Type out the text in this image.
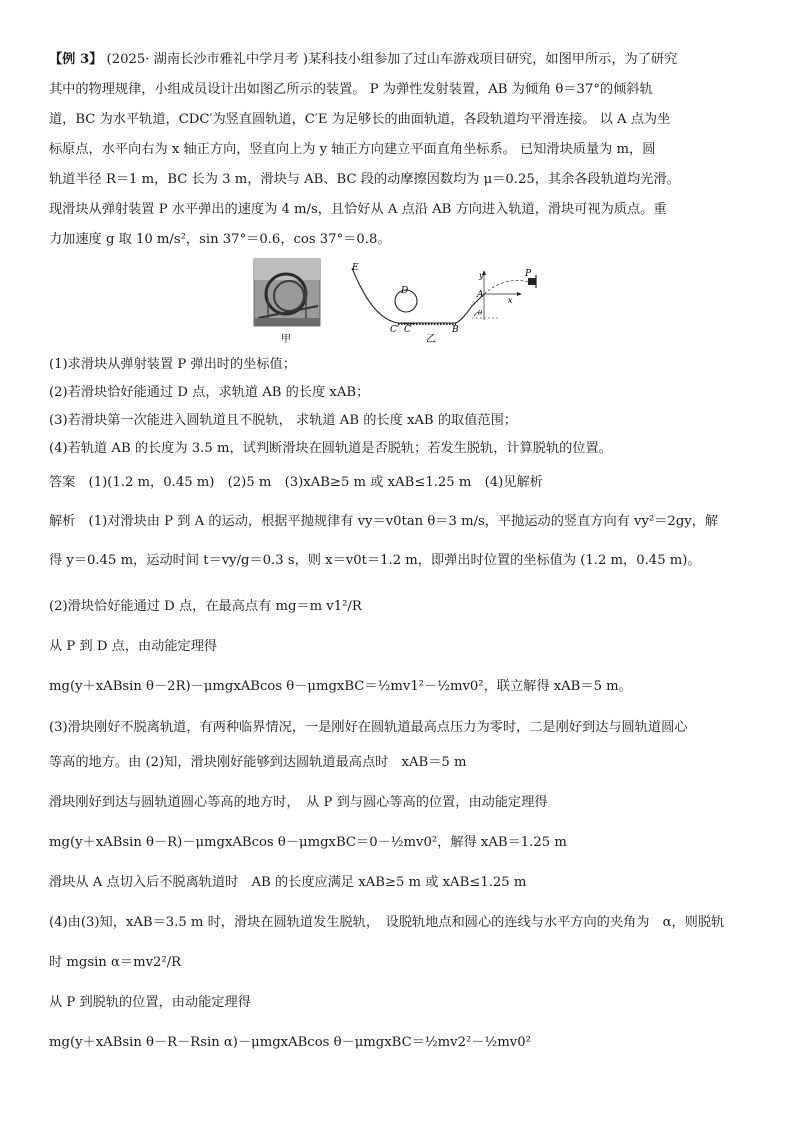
【例 3】 (2025· 湖南长沙市雅礼中学月考 )某科技小组参加了过山车游戏项目研究，如图甲所示，为了研究
其中的物理规律，小组成员设计出如图乙所示的装置。 P 为弹性发射装置，AB 为倾角 θ＝37°的倾斜轨
道，BC 为水平轨道，CDC′为竖直圆轨道，C′E 为足够长的曲面轨道，各段轨道均平滑连接。 以 A 点为坐
标原点，水平向右为 x 轴正方向，竖直向上为 y 轴正方向建立平面直角坐标系。 已知滑块质量为 m，圆
轨道半径 R＝1 m，BC 长为 3 m，滑块与 AB、BC 段的动摩擦因数均为 μ＝0.25，其余各段轨道均光滑。
现滑块从弹射装置 P 水平弹出的速度为 4 m/s，且恰好从 A 点沿 AB 方向进入轨道，滑块可视为质点。重
力加速度 g 取 10 m/s²，sin 37°＝0.6，cos 37°＝0.8。
E
D
C′ C	B
A
P
y
x
θ
甲	乙
(1)求滑块从弹射装置 P 弹出时的坐标值；
(2)若滑块恰好能通过 D 点，求轨道 AB 的长度 xAB；
(3)若滑块第一次能进入圆轨道且不脱轨， 求轨道 AB 的长度 xAB 的取值范围；
(4)若轨道 AB 的长度为 3.5 m，试判断滑块在圆轨道是否脱轨；若发生脱轨，计算脱轨的位置。
答案　(1)(1.2 m，0.45 m)　(2)5 m　(3)xAB≥5 m 或 xAB≤1.25 m　(4)见解析
解析　(1)对滑块由 P 到 A 的运动，根据平抛规律有 vy＝v0tan θ＝3 m/s，平抛运动的竖直方向有 vy²＝2gy，解
得 y＝0.45 m，运动时间 t＝vy/g＝0.3 s，则 x＝v0t＝1.2 m，即弹出时位置的坐标值为 (1.2 m，0.45 m)。
(2)滑块恰好能通过 D 点，在最高点有 mg＝m v1²/R
从 P 到 D 点，由动能定理得
mg(y＋xABsin θ－2R)－μmgxABcos θ－μmgxBC＝½mv1²－½mv0²，联立解得 xAB＝5 m。
(3)滑块刚好不脱离轨道，有两种临界情况，一是刚好在圆轨道最高点压力为零时，二是刚好到达与圆轨道圆心
等高的地方。由 (2)知，滑块刚好能够到达圆轨道最高点时　xAB＝5 m
滑块刚好到达与圆轨道圆心等高的地方时，　从 P 到与圆心等高的位置，由动能定理得
mg(y＋xABsin θ－R)－μmgxABcos θ－μmgxBC＝0－½mv0²，解得 xAB＝1.25 m
滑块从 A 点切入后不脱离轨道时　AB 的长度应满足 xAB≥5 m 或 xAB≤1.25 m
(4)由(3)知，xAB＝3.5 m 时，滑块在圆轨道发生脱轨，　设脱轨地点和圆心的连线与水平方向的夹角为　α，则脱轨
时 mgsin α＝mv2²/R
从 P 到脱轨的位置，由动能定理得
mg(y＋xABsin θ－R－Rsin α)－μmgxABcos θ－μmgxBC＝½mv2²－½mv0²
